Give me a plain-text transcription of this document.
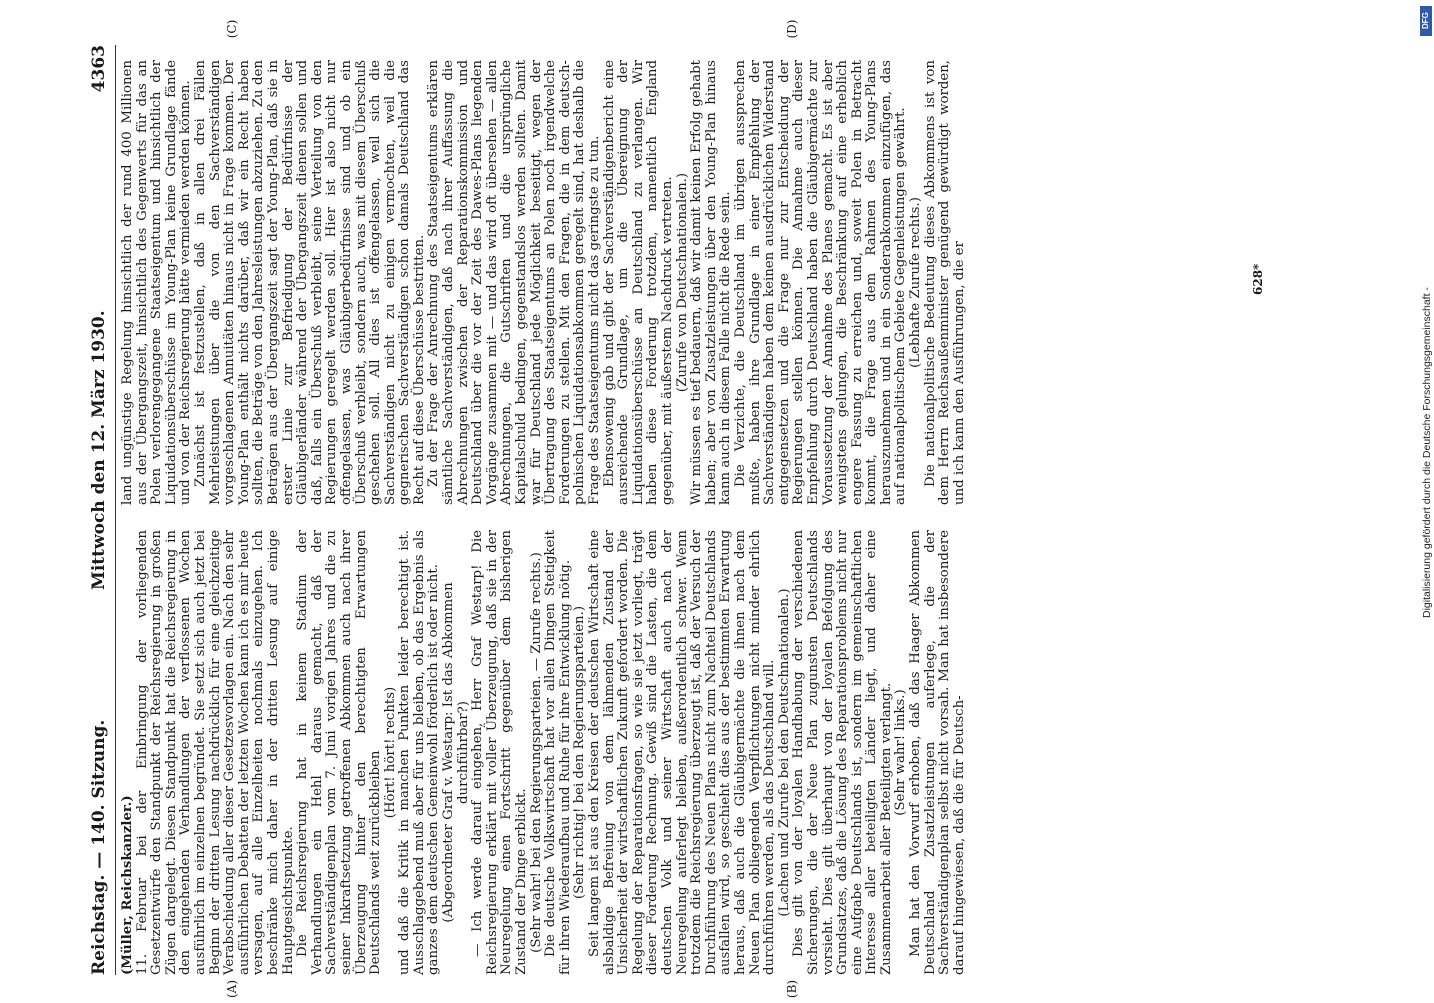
Reichstag. — 140. Sitzung.
Mittwoch den 12. März 1930.
4363
(A)	(B)
(C)	(D)

(Müller, Reichskanzler.) 11. Februar bei der Einbringung der vorliegenden Gesetzentwürfe den Standpunkt der Reichsregierung in großen Zügen dargelegt. Diesen Standpunkt hat die Reichsregierung in den eingehenden Verhandlungen der verflossenen Wochen ausführlich im einzelnen begründet. Sie setzt sich auch jetzt bei Beginn der dritten Lesung nachdrücklich für eine gleichzeitige Verabschiedung aller dieser Gesetzesvorlagen ein. Nach den sehr ausführlichen Debatten der letzten Wochen kann ich es mir heute versagen, auf alle Einzelheiten nochmals einzugehen. Ich beschränke mich daher in der dritten Lesung auf einige Hauptgesichtspunkte. Die Reichsregierung hat in keinem Stadium der Verhandlungen ein Hehl daraus gemacht, daß der Sachverständigenplan vom 7. Juni vorigen Jahres und die zu seiner Inkraftsetzung getroffenen Abkommen auch nach ihrer Überzeugung hinter den berechtigten Erwartungen Deutschlands weit zurückbleiben (Hört! hört! rechts) und daß die Kritik in manchen Punkten leider berechtigt ist. Ausschlaggebend muß aber für uns bleiben, ob das Ergebnis als ganzes dem deutschen Gemeinwohl förderlich ist oder nicht. (Abgeordneter Graf v. Westarp: Ist das Abkommen durchführbar?) — Ich werde darauf eingehen, Herr Graf Westarp! Die Reichsregierung erklärt mit voller Überzeugung, daß sie in der Neuregelung einen Fortschritt gegenüber dem bisherigen Zustand der Dinge erblickt. (Sehr wahr! bei den Regierungsparteien. — Zurufe rechts.) Die deutsche Volkswirtschaft hat vor allen Dingen Stetigkeit für ihren Wiederaufbau und Ruhe für ihre Entwicklung nötig. (Sehr richtig! bei den Regierungsparteien.) Seit langem ist aus den Kreisen der deutschen Wirtschaft eine alsbaldige Befreiung von dem lähmenden Zustand der Unsicherheit der wirtschaftlichen Zukunft gefordert worden. Die Regelung der Reparationsfragen, so wie sie jetzt vorliegt, trägt dieser Forderung Rechnung. Gewiß sind die Lasten, die dem deutschen Volk und seiner Wirtschaft auch nach der Neuregelung auferlegt bleiben, außerordentlich schwer. Wenn trotzdem die Reichsregierung überzeugt ist, daß der Versuch der Durchführung des Neuen Plans nicht zum Nachteil Deutschlands ausfallen wird, so geschieht dies aus der bestimmten Erwartung heraus, daß auch die Gläubigermächte die ihnen nach dem Neuen Plan obliegenden Verpflichtungen nicht minder ehrlich durchführen werden, als das Deutschland will. (Lachen und Zurufe bei den Deutschnationalen.) Dies gilt von der loyalen Handhabung der verschiedenen Sicherungen, die der Neue Plan zugunsten Deutschlands vorsieht. Dies gilt überhaupt von der loyalen Befolgung des Grundsatzes, daß die Lösung des Reparationsproblems nicht nur eine Aufgabe Deutschlands ist, sondern im gemeinschaftlichen Interesse aller beteiligten Länder liegt, und daher eine Zusammenarbeit aller Beteiligten verlangt. (Sehr wahr! links.) Man hat den Vorwurf erhoben, daß das Haager Abkommen Deutschland Zusatzleistungen auferlege, die der Sachverständigenplan selbst nicht vorsah. Man hat insbesondere darauf hingewiesen, daß die für Deutsch-

land ungünstige Regelung hinsichtlich der rund 400 Millionen aus der Übergangszeit, hinsichtlich des Gegenwerts für das an Polen verlorengegangene Staatseigentum und hinsichtlich der Liquidationsüberschüsse im Young-Plan keine Grundlage fände und von der Reichsregierung hätte vermieden werden können. Zunächst ist festzustellen, daß in allen drei Fällen Mehrleistungen über die von den Sachverständigen vorgeschlagenen Annuitäten hinaus nicht in Frage kommen. Der Young-Plan enthält nichts darüber, daß wir ein Recht haben sollten, die Beträge von den Jahresleistungen abzuziehen. Zu den Beträgen aus der Übergangszeit sagt der Young-Plan, daß sie in erster Linie zur Befriedigung der Bedürfnisse der Gläubigerländer während der Übergangszeit dienen sollen und daß, falls ein Überschuß verbleibt, seine Verteilung von den Regierungen geregelt werden soll. Hier ist also nicht nur offengelassen, was Gläubigerbedürfnisse sind und ob ein Überschuß verbleibt, sondern auch, was mit diesem Überschuß geschehen soll. All dies ist offengelassen, weil sich die Sachverständigen nicht zu einigen vermochten, weil die gegnerischen Sachverständigen schon damals Deutschland das Recht auf diese Überschüsse bestritten. Zu der Frage der Anrechnung des Staatseigentums erklären sämtliche Sachverständigen, daß nach ihrer Auffassung die Abrechnungen zwischen der Reparationskommission und Deutschland über die vor der Zeit des Dawes-Plans liegenden Vorgänge zusammen mit — und das wird oft übersehen — allen Abrechnungen, die Gutschriften und die ursprüngliche Kapitalschuld bedingen, gegenstandslos werden sollten. Damit war für Deutschland jede Möglichkeit beseitigt, wegen der Übertragung des Staatseigentums an Polen noch irgendwelche Forderungen zu stellen. Mit den Fragen, die in dem deutsch-polnischen Liquidationsabkommen geregelt sind, hat deshalb die Frage des Staatseigentums nicht das geringste zu tun. Ebensowenig gab und gibt der Sachverständigenbericht eine ausreichende Grundlage, um die Übereignung der Liquidationsüberschüsse an Deutschland zu verlangen. Wir haben diese Forderung trotzdem, namentlich England gegenüber, mit äußerstem Nachdruck vertreten. (Zurufe von Deutschnationalen.) Wir müssen es tief bedauern, daß wir damit keinen Erfolg gehabt haben; aber von Zusatzleistungen über den Young-Plan hinaus kann auch in diesem Falle nicht die Rede sein. Die Verzichte, die Deutschland im übrigen aussprechen mußte, haben ihre Grundlage in einer Empfehlung der Sachverständigen haben dem keinen ausdrücklichen Widerstand entgegensetzen und die Frage nur zur Entscheidung der Regierungen stellen können. Die Annahme auch dieser Empfehlung durch Deutschland haben die Gläubigermächte zur Voraussetzung der Annahme des Planes gemacht. Es ist aber wenigstens gelungen, die Beschränkung auf eine erheblich engere Fassung zu erreichen und, soweit Polen in Betracht kommt, die Frage aus dem Rahmen des Young-Plans herauszunehmen und in ein Sonderabkommen einzufügen, das auf nationalpolitischem Gebiete Gegenleistungen gewährt. (Lebhafte Zurufe rechts.) Die nationalpolitische Bedeutung dieses Abkommens ist von dem Herrn Reichsaußenminister genügend gewürdigt worden, und ich kann den Ausführungen, die er	628*
DFG
Digitalisierung gefördert durch die Deutsche Forschungsgemeinschaft -
